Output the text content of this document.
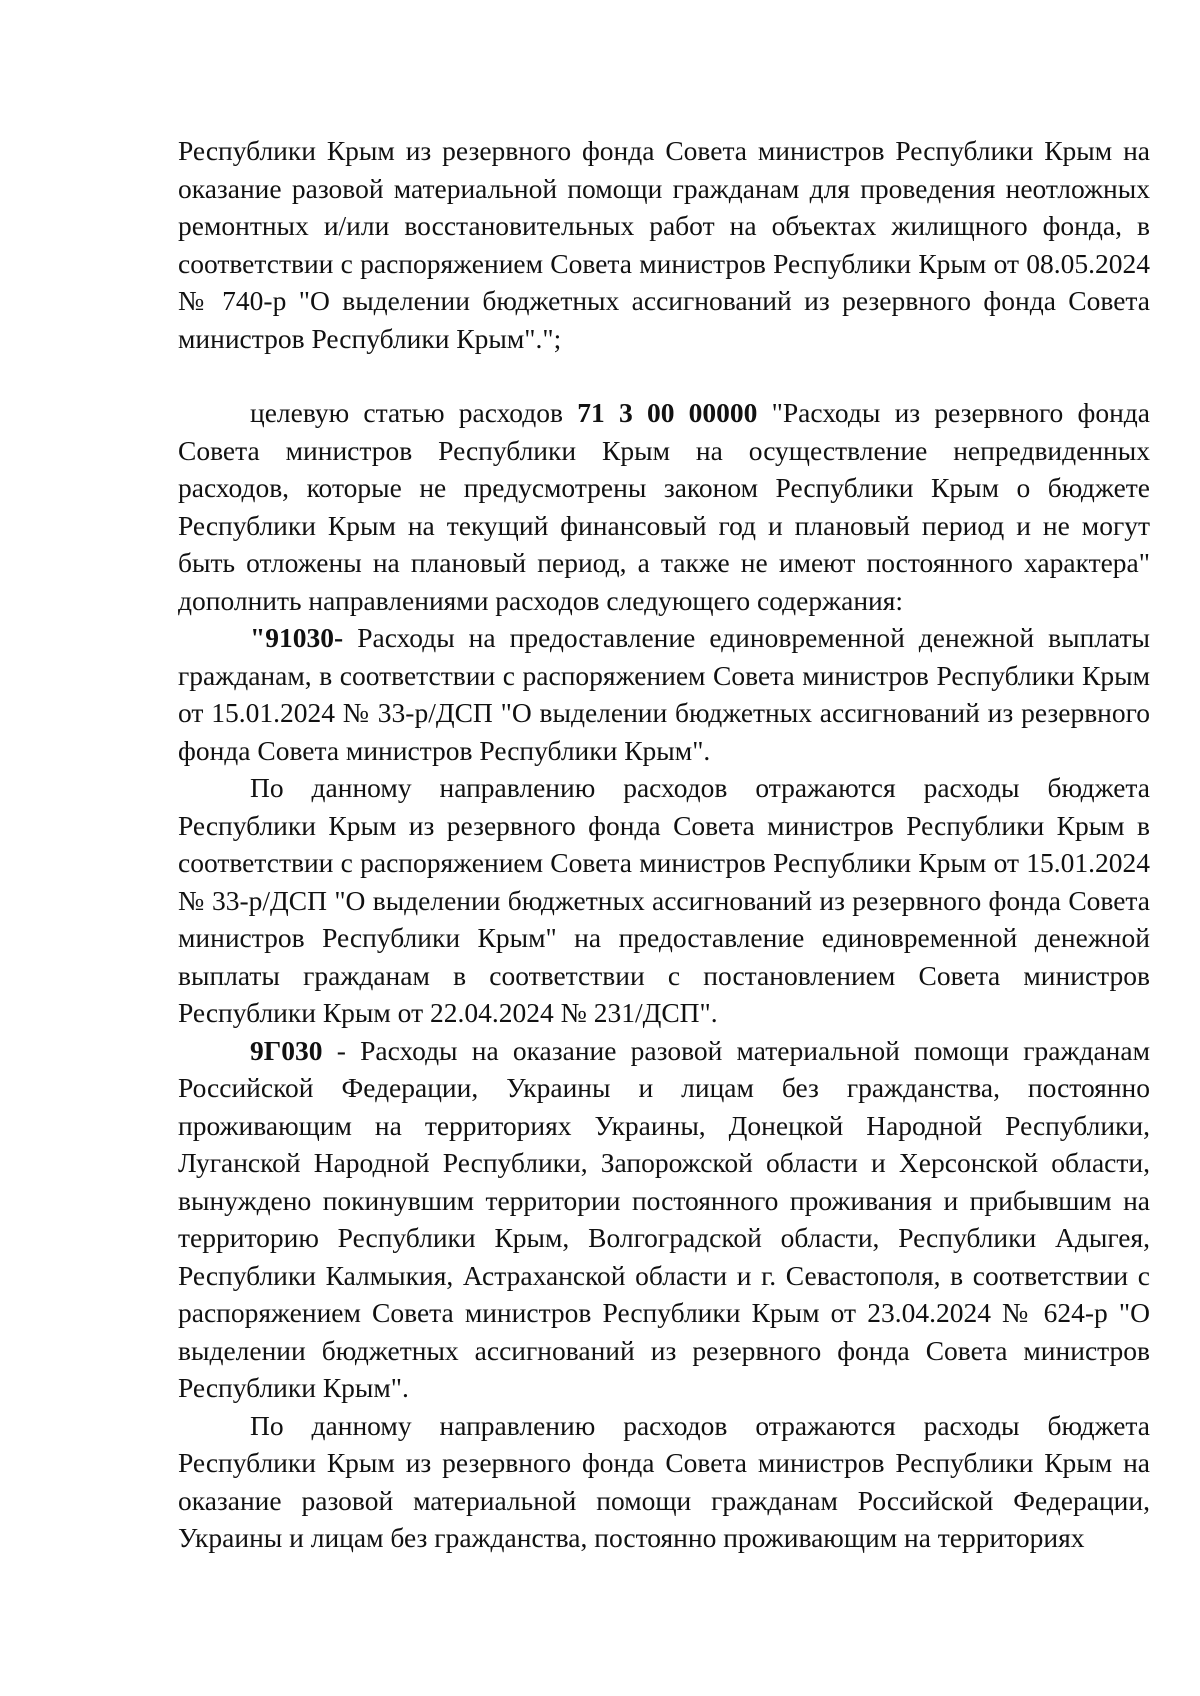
Республики Крым из резервного фонда Совета министров Республики Крым на оказание разовой материальной помощи гражданам для проведения неотложных ремонтных и/или восстановительных работ на объектах жилищного фонда, в соответствии с распоряжением Совета министров Республики Крым от 08.05.2024 № 740-р "О выделении бюджетных ассигнований из резервного фонда Совета министров Республики Крым".";

целевую статью расходов 71 3 00 00000 "Расходы из резервного фонда Совета министров Республики Крым на осуществление непредвиденных расходов, которые не предусмотрены законом Республики Крым о бюджете Республики Крым на текущий финансовый год и плановый период и не могут быть отложены на плановый период, а также не имеют постоянного характера" дополнить направлениями расходов следующего содержания:

"91030- Расходы на предоставление единовременной денежной выплаты гражданам, в соответствии с распоряжением Совета министров Республики Крым от 15.01.2024 № 33-р/ДСП "О выделении бюджетных ассигнований из резервного фонда Совета министров Республики Крым".

По данному направлению расходов отражаются расходы бюджета Республики Крым из резервного фонда Совета министров Республики Крым в соответствии с распоряжением Совета министров Республики Крым от 15.01.2024 № 33-р/ДСП "О выделении бюджетных ассигнований из резервного фонда Совета министров Республики Крым" на предоставление единовременной денежной выплаты гражданам в соответствии с постановлением Совета министров Республики Крым от 22.04.2024 № 231/ДСП".

9Г030 - Расходы на оказание разовой материальной помощи гражданам Российской Федерации, Украины и лицам без гражданства, постоянно проживающим на территориях Украины, Донецкой Народной Республики, Луганской Народной Республики, Запорожской области и Херсонской области, вынуждено покинувшим территории постоянного проживания и прибывшим на территорию Республики Крым, Волгоградской области, Республики Адыгея, Республики Калмыкия, Астраханской области и г. Севастополя, в соответствии с распоряжением Совета министров Республики Крым от 23.04.2024 № 624-р "О выделении бюджетных ассигнований из резервного фонда Совета министров Республики Крым".

По данному направлению расходов отражаются расходы бюджета Республики Крым из резервного фонда Совета министров Республики Крым на оказание разовой материальной помощи гражданам Российской Федерации, Украины и лицам без гражданства, постоянно проживающим на территориях
